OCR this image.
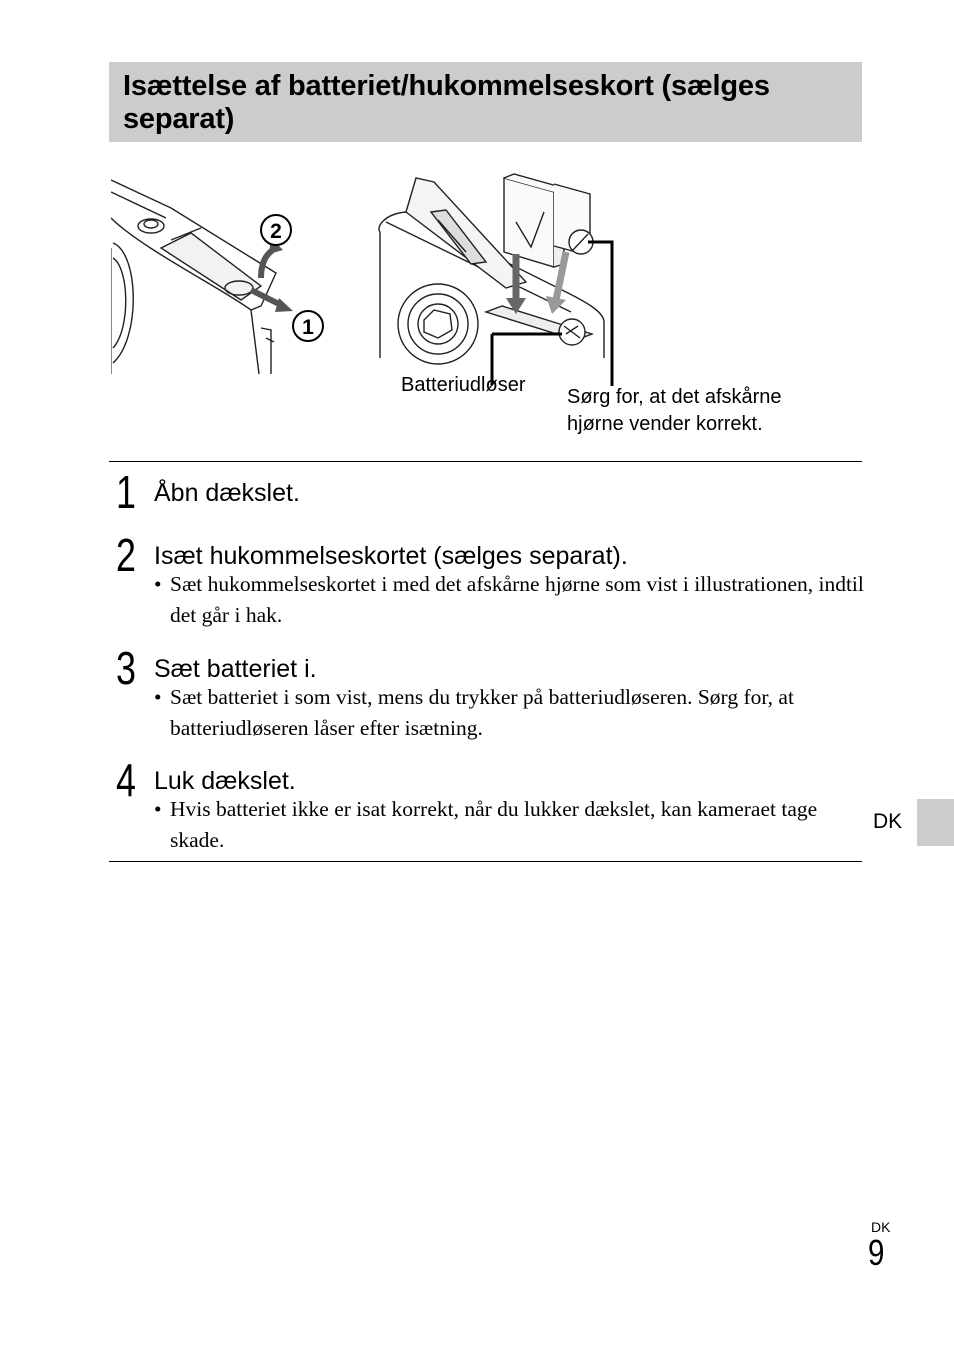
Isættelse af batteriet/hukommelseskort (sælges separat)
2
1
Batteriudløser
Sørg for, at det afskårne hjørne vender korrekt.
1 Åbn dækslet.
2 Isæt hukommelseskortet (sælges separat).
• Sæt hukommelseskortet i med det afskårne hjørne som vist i illustrationen, indtil det går i hak.
3 Sæt batteriet i.
• Sæt batteriet i som vist, mens du trykker på batteriudløseren. Sørg for, at batteriudløseren låser efter isætning.
4 Luk dækslet.
• Hvis batteriet ikke er isat korrekt, når du lukker dækslet, kan kameraet tage skade.
DK
DK
9
